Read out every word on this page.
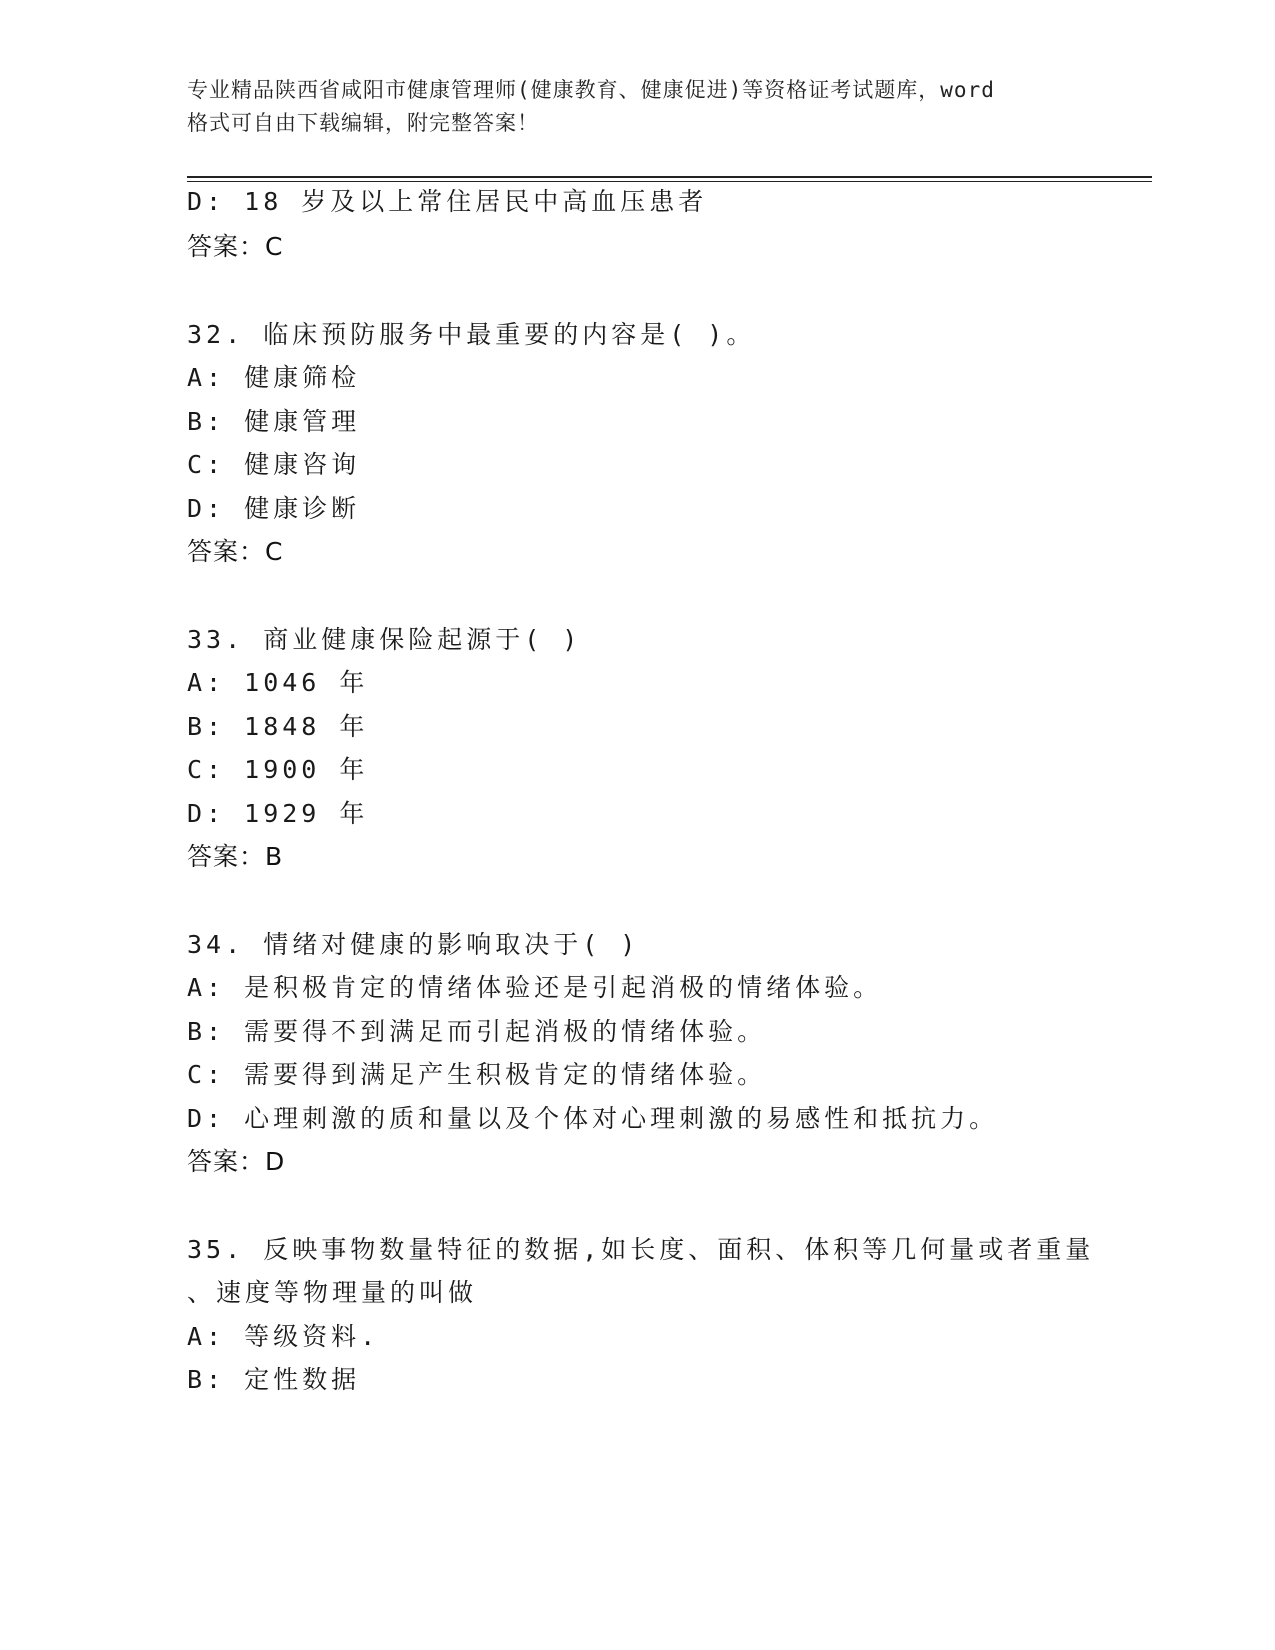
专业精品陕西省咸阳市健康管理师(健康教育、健康促进)等资格证考试题库，word
格式可自由下载编辑，附完整答案！
D: 18 岁及以上常住居民中高血压患者
答案：C
32. 临床预防服务中最重要的内容是( )。
A: 健康筛检
B: 健康管理
C: 健康咨询
D: 健康诊断
答案：C
33. 商业健康保险起源于( )
A: 1046 年
B: 1848 年
C: 1900 年
D: 1929 年
答案：B
34. 情绪对健康的影响取决于( )
A: 是积极肯定的情绪体验还是引起消极的情绪体验。
B: 需要得不到满足而引起消极的情绪体验。
C: 需要得到满足产生积极肯定的情绪体验。
D: 心理刺激的质和量以及个体对心理刺激的易感性和抵抗力。
答案：D
35. 反映事物数量特征的数据,如长度、面积、体积等几何量或者重量
、速度等物理量的叫做
A: 等级资料.
B: 定性数据
